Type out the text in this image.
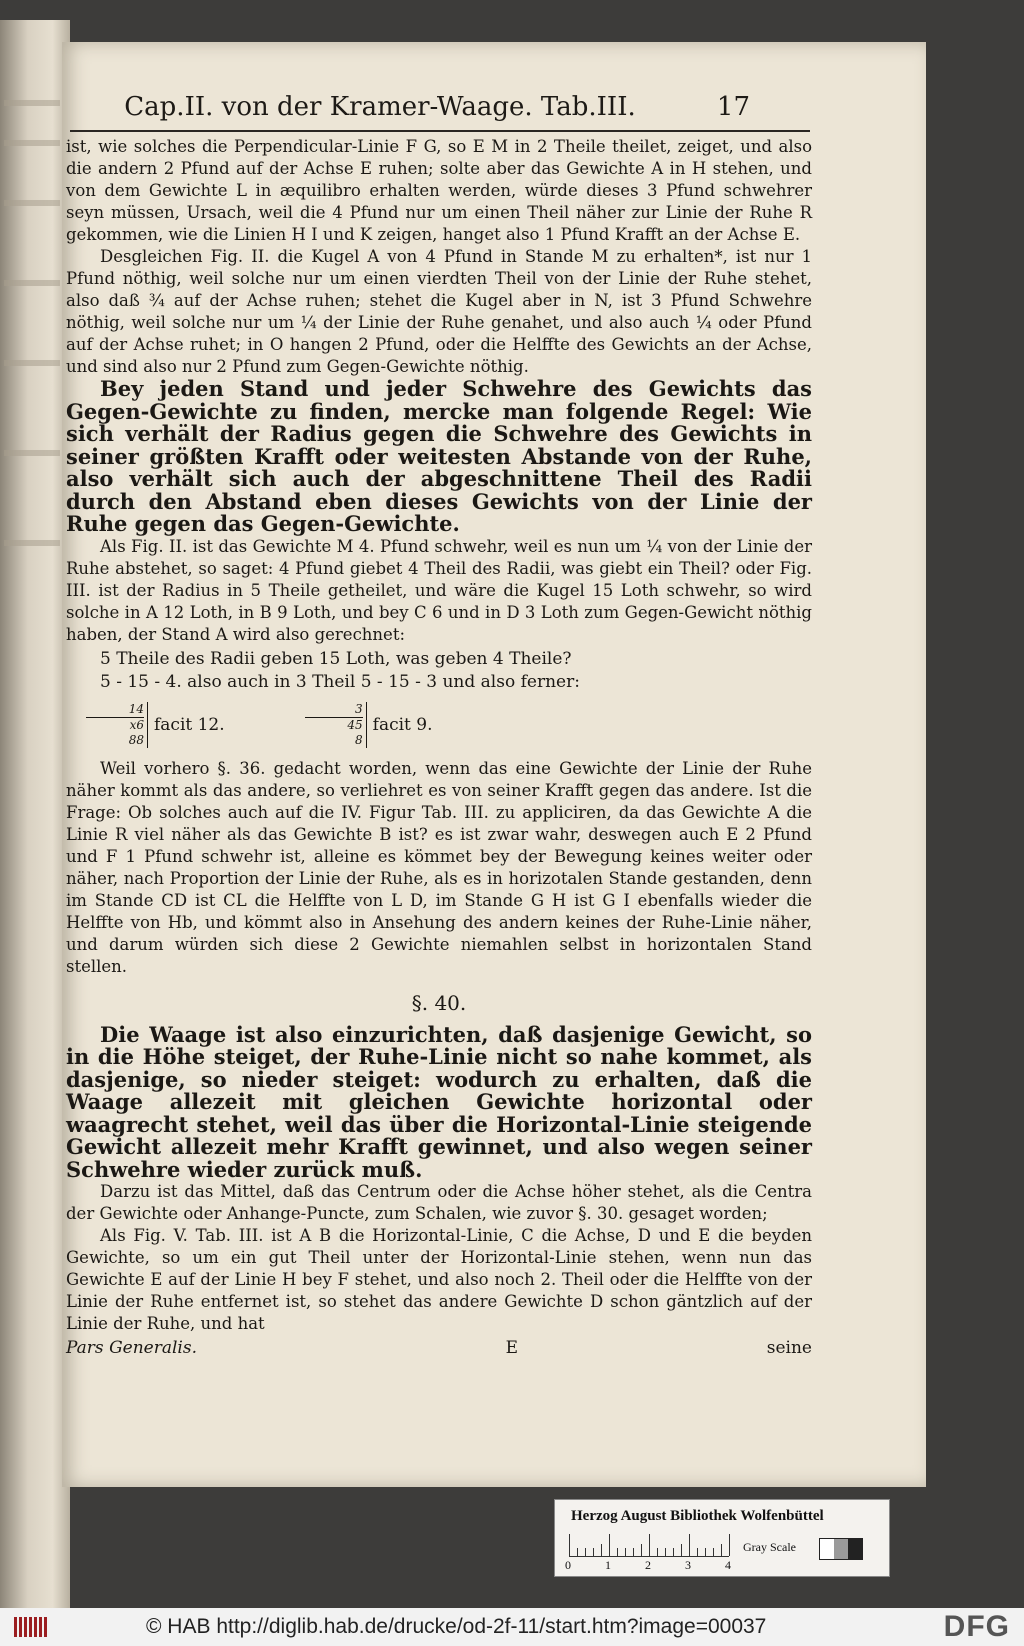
Cap.II. von der Kramer-Waage. Tab.III.	17

ist, wie solches die Perpendicular-Linie F G, so E M in 2 Theile theilet, zeiget, und also die andern 2 Pfund auf der Achse E ruhen; solte aber das Gewichte A in H stehen, und von dem Gewichte L in æquilibro erhalten werden, würde dieses 3 Pfund schwehrer seyn müssen, Ursach, weil die 4 Pfund nur um einen Theil näher zur Linie der Ruhe R gekommen, wie die Linien H I und K zeigen, hanget also 1 Pfund Krafft an der Achse E.

Desgleichen Fig. II. die Kugel A von 4 Pfund in Stande M zu erhalten*, ist nur 1 Pfund nöthig, weil solche nur um einen vierdten Theil von der Linie der Ruhe stehet, also daß ¾ auf der Achse ruhen; stehet die Kugel aber in N, ist 3 Pfund Schwehre nöthig, weil solche nur um ¼ der Linie der Ruhe genahet, und also auch ¼ oder Pfund auf der Achse ruhet; in O hangen 2 Pfund, oder die Helffte des Gewichts an der Achse, und sind also nur 2 Pfund zum Gegen-Gewichte nöthig.

Bey jeden Stand und jeder Schwehre des Gewichts das Gegen-Gewichte zu finden, mercke man folgende Regel: Wie sich verhält der Radius gegen die Schwehre des Gewichts in seiner größten Krafft oder weitesten Abstande von der Ruhe, also verhält sich auch der abgeschnittene Theil des Radii durch den Abstand eben dieses Gewichts von der Linie der Ruhe gegen das Gegen-Gewichte.

Als Fig. II. ist das Gewichte M 4. Pfund schwehr, weil es nun um ¼ von der Linie der Ruhe abstehet, so saget: 4 Pfund giebet 4 Theil des Radii, was giebt ein Theil? oder Fig. III. ist der Radius in 5 Theile getheilet, und wäre die Kugel 15 Loth schwehr, so wird solche in A 12 Loth, in B 9 Loth, und bey C 6 und in D 3 Loth zum Gegen-Gewicht nöthig haben, der Stand A wird also gerechnet:

5 Theile des Radii geben 15 Loth, was geben 4 Theile?
5 - 15 - 4. also auch in 3 Theil 5 - 15 - 3 und also ferner:
14
x6
88
facit 12.
3
45
8
facit 9.

Weil vorhero §. 36. gedacht worden, wenn das eine Gewichte der Linie der Ruhe näher kommt als das andere, so verliehret es von seiner Krafft gegen das andere. Ist die Frage: Ob solches auch auf die IV. Figur Tab. III. zu appliciren, da das Gewichte A die Linie R viel näher als das Gewichte B ist? es ist zwar wahr, deswegen auch E 2 Pfund und F 1 Pfund schwehr ist, alleine es kömmet bey der Bewegung keines weiter oder näher, nach Proportion der Linie der Ruhe, als es in horizotalen Stande gestanden, denn im Stande CD ist CL die Helffte von L D, im Stande G H ist G I ebenfalls wieder die Helffte von Hb, und kömmt also in Ansehung des andern keines der Ruhe-Linie näher, und darum würden sich diese 2 Gewichte niemahlen selbst in horizontalen Stand stellen.

§. 40.

Die Waage ist also einzurichten, daß dasjenige Gewicht, so in die Höhe steiget, der Ruhe-Linie nicht so nahe kommet, als dasjenige, so nieder steiget: wodurch zu erhalten, daß die Waage allezeit mit gleichen Gewichte horizontal oder waagrecht stehet, weil das über die Horizontal-Linie steigende Gewicht allezeit mehr Krafft gewinnet, und also wegen seiner Schwehre wieder zurück muß.

Darzu ist das Mittel, daß das Centrum oder die Achse höher stehet, als die Centra der Gewichte oder Anhange-Puncte, zum Schalen, wie zuvor §. 30. gesaget worden;

Als Fig. V. Tab. III. ist A B die Horizontal-Linie, C die Achse, D und E die beyden Gewichte, so um ein gut Theil unter der Horizontal-Linie stehen, wenn nun das Gewichte E auf der Linie H bey F stehet, und also noch 2. Theil oder die Helffte von der Linie der Ruhe entfernet ist, so stehet das andere Gewichte D schon gäntzlich auf der Linie der Ruhe, und hat

Pars Generalis.	E	seine
Herzog August Bibliothek Wolfenbüttel
0	1	2	3	4
Gray Scale
© HAB http://diglib.hab.de/drucke/od-2f-11/start.htm?image=00037	DFG
